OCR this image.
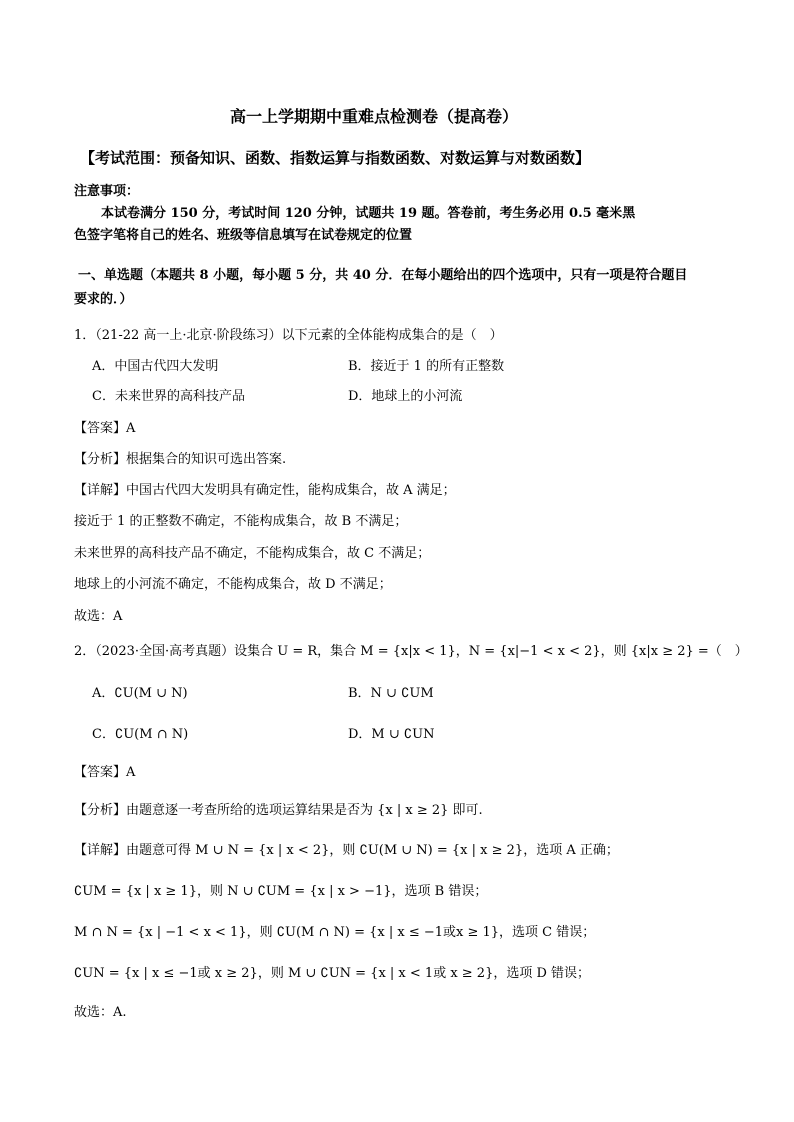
高一上学期期中重难点检测卷（提高卷）
【考试范围：预备知识、函数、指数运算与指数函数、对数运算与对数函数】
注意事项：
本试卷满分 150 分，考试时间 120 分钟，试题共 19 题。答卷前，考生务必用 0.5 毫米黑
色签字笔将自己的姓名、班级等信息填写在试卷规定的位置
一、单选题（本题共 8 小题，每小题 5 分，共 40 分．在每小题给出的四个选项中，只有一项是符合题目
要求的．）
1．（21-22 高一上·北京·阶段练习）以下元素的全体能构成集合的是（　）
A．中国古代四大发明	B．接近于 1 的所有正整数
C．未来世界的高科技产品	D．地球上的小河流
【答案】A
【分析】根据集合的知识可选出答案.
【详解】中国古代四大发明具有确定性，能构成集合，故 A 满足；
接近于 1 的正整数不确定，不能构成集合，故 B 不满足；
未来世界的高科技产品不确定，不能构成集合，故 C 不满足；
地球上的小河流不确定，不能构成集合，故 D 不满足；
故选：A
2．（2023·全国·高考真题）设集合 U = R，集合 M = {x|x < 1}，N = {x|−1 < x < 2}，则 {x|x ≥ 2} =（　）
A．∁U(M ∪ N)	B．N ∪ ∁UM
C．∁U(M ∩ N)	D．M ∪ ∁UN
【答案】A
【分析】由题意逐一考查所给的选项运算结果是否为 {x | x ≥ 2} 即可.
【详解】由题意可得 M ∪ N = {x | x < 2}，则 ∁U(M ∪ N) = {x | x ≥ 2}，选项 A 正确；
∁UM = {x | x ≥ 1}，则 N ∪ ∁UM = {x | x > −1}，选项 B 错误；
M ∩ N = {x | −1 < x < 1}，则 ∁U(M ∩ N) = {x | x ≤ −1或x ≥ 1}，选项 C 错误；
∁UN = {x | x ≤ −1或 x ≥ 2}，则 M ∪ ∁UN = {x | x < 1或 x ≥ 2}，选项 D 错误；
故选：A.
